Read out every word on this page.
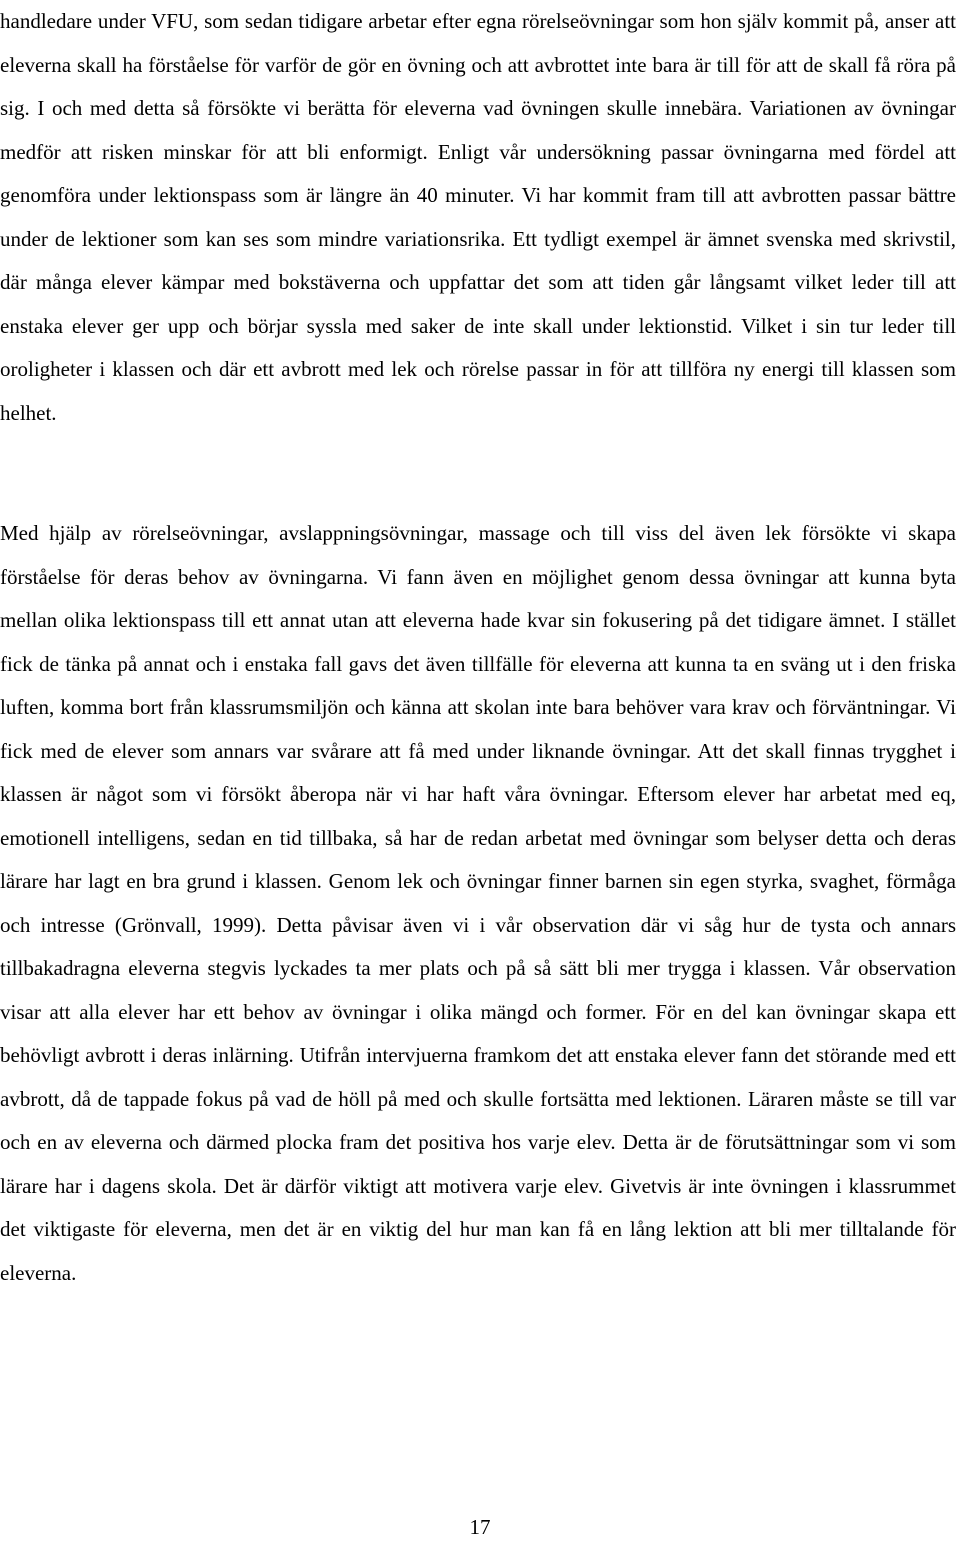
handledare under VFU, som sedan tidigare arbetar efter egna rörelseövningar som hon själv kommit på, anser att eleverna skall ha förståelse för varför de gör en övning och att avbrottet inte bara är till för att de skall få röra på sig. I och med detta så försökte vi berätta för eleverna vad övningen skulle innebära. Variationen av övningar medför att risken minskar för att bli enformigt. Enligt vår undersökning passar övningarna med fördel att genomföra under lektionspass som är längre än 40 minuter. Vi har kommit fram till att avbrotten passar bättre under de lektioner som kan ses som mindre variationsrika. Ett tydligt exempel är ämnet svenska med skrivstil, där många elever kämpar med bokstäverna och uppfattar det som att tiden går långsamt vilket leder till att enstaka elever ger upp och börjar syssla med saker de inte skall under lektionstid. Vilket i sin tur leder till oroligheter i klassen och där ett avbrott med lek och rörelse passar in för att tillföra ny energi till klassen som helhet.

Med hjälp av rörelseövningar, avslappningsövningar, massage och till viss del även lek försökte vi skapa förståelse för deras behov av övningarna. Vi fann även en möjlighet genom dessa övningar att kunna byta mellan olika lektionspass till ett annat utan att eleverna hade kvar sin fokusering på det tidigare ämnet. I stället fick de tänka på annat och i enstaka fall gavs det även tillfälle för eleverna att kunna ta en sväng ut i den friska luften, komma bort från klassrumsmiljön och känna att skolan inte bara behöver vara krav och förväntningar. Vi fick med de elever som annars var svårare att få med under liknande övningar. Att det skall finnas trygghet i klassen är något som vi försökt åberopa när vi har haft våra övningar. Eftersom elever har arbetat med eq, emotionell intelligens, sedan en tid tillbaka, så har de redan arbetat med övningar som belyser detta och deras lärare har lagt en bra grund i klassen. Genom lek och övningar finner barnen sin egen styrka, svaghet, förmåga och intresse (Grönvall, 1999). Detta påvisar även vi i vår observation där vi såg hur de tysta och annars tillbakadragna eleverna stegvis lyckades ta mer plats och på så sätt bli mer trygga i klassen. Vår observation visar att alla elever har ett behov av övningar i olika mängd och former. För en del kan övningar skapa ett behövligt avbrott i deras inlärning. Utifrån intervjuerna framkom det att enstaka elever fann det störande med ett avbrott, då de tappade fokus på vad de höll på med och skulle fortsätta med lektionen. Läraren måste se till var och en av eleverna och därmed plocka fram det positiva hos varje elev. Detta är de förutsättningar som vi som lärare har i dagens skola. Det är därför viktigt att motivera varje elev. Givetvis är inte övningen i klassrummet det viktigaste för eleverna, men det är en viktig del hur man kan få en lång lektion att bli mer tilltalande för eleverna.

17
